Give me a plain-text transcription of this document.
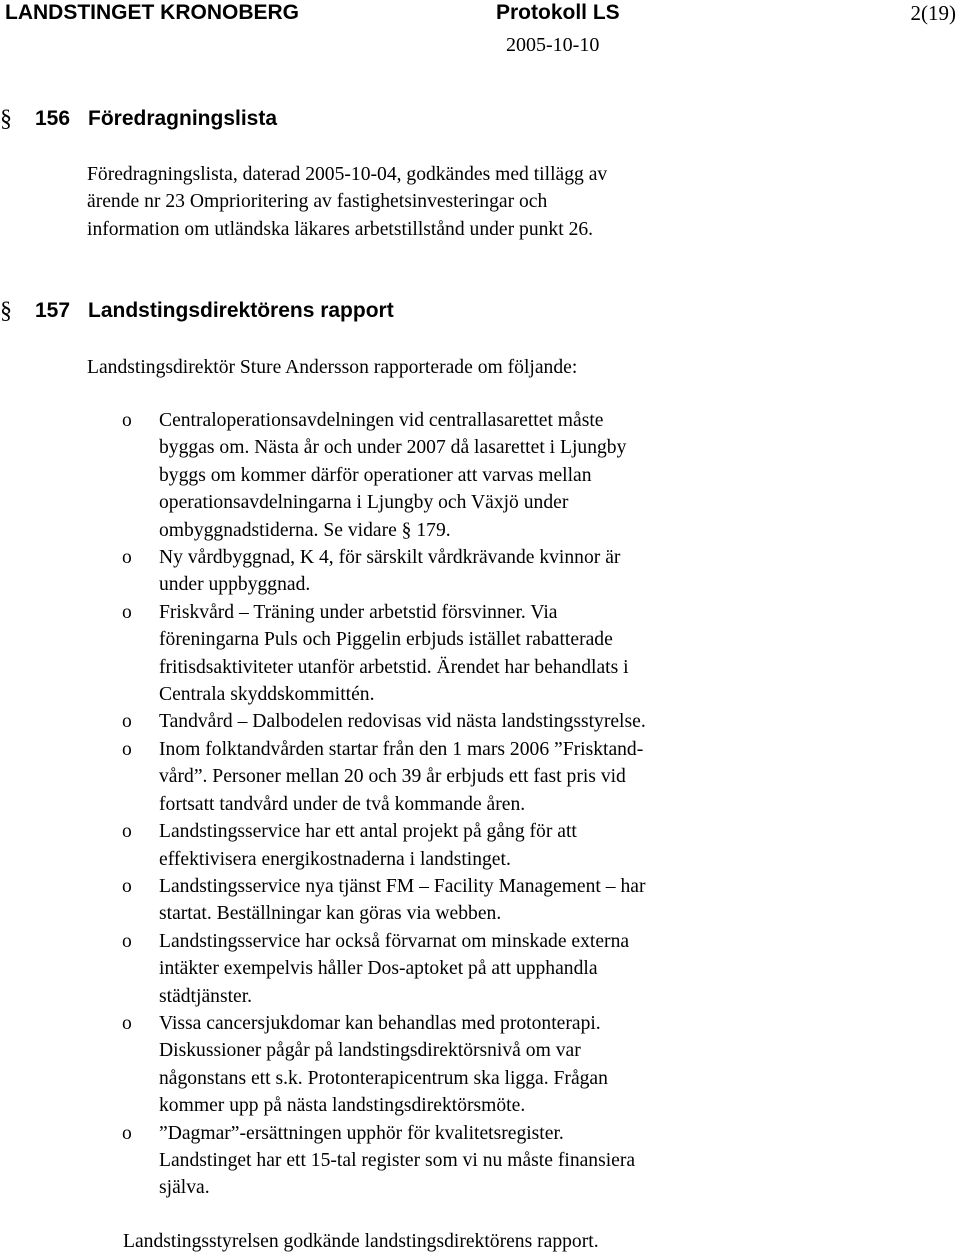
LANDSTINGET KRONOBERG	Protokoll LS	2(19)
2005-10-10
§ 156 Föredragningslista
Föredragningslista, daterad 2005-10-04, godkändes med tillägg av
ärende nr 23 Omprioritering av fastighetsinvesteringar och
information om utländska läkares arbetstillstånd under punkt 26.
§ 157 Landstingsdirektörens rapport
Landstingsdirektör Sture Andersson rapporterade om följande:
o Centraloperationsavdelningen vid centrallasarettet måste
byggas om. Nästa år och under 2007 då lasarettet i Ljungby
byggs om kommer därför operationer att varvas mellan
operationsavdelningarna i Ljungby och Växjö under
ombyggnadstiderna. Se vidare § 179.
o Ny vårdbyggnad, K 4, för särskilt vårdkrävande kvinnor är
under uppbyggnad.
o Friskvård – Träning under arbetstid försvinner. Via
föreningarna Puls och Piggelin erbjuds istället rabatterade
fritisdsaktiviteter utanför arbetstid. Ärendet har behandlats i
Centrala skyddskommittén.
o Tandvård – Dalbodelen redovisas vid nästa landstingsstyrelse.
o Inom folktandvården startar från den 1 mars 2006 ”Frisktand-
vård”. Personer mellan 20 och 39 år erbjuds ett fast pris vid
fortsatt tandvård under de två kommande åren.
o Landstingsservice har ett antal projekt på gång för att
effektivisera energikostnaderna i landstinget.
o Landstingsservice nya tjänst FM – Facility Management – har
startat. Beställningar kan göras via webben.
o Landstingsservice har också förvarnat om minskade externa
intäkter exempelvis håller Dos-aptoket på att upphandla
städtjänster.
o Vissa cancersjukdomar kan behandlas med protonterapi.
Diskussioner pågår på landstingsdirektörsnivå om var
någonstans ett s.k. Protonterapicentrum ska ligga. Frågan
kommer upp på nästa landstingsdirektörsmöte.
o ”Dagmar”-ersättningen upphör för kvalitetsregister.
Landstinget har ett 15-tal register som vi nu måste finansiera
själva.

Landstingsstyrelsen godkände landstingsdirektörens rapport.
